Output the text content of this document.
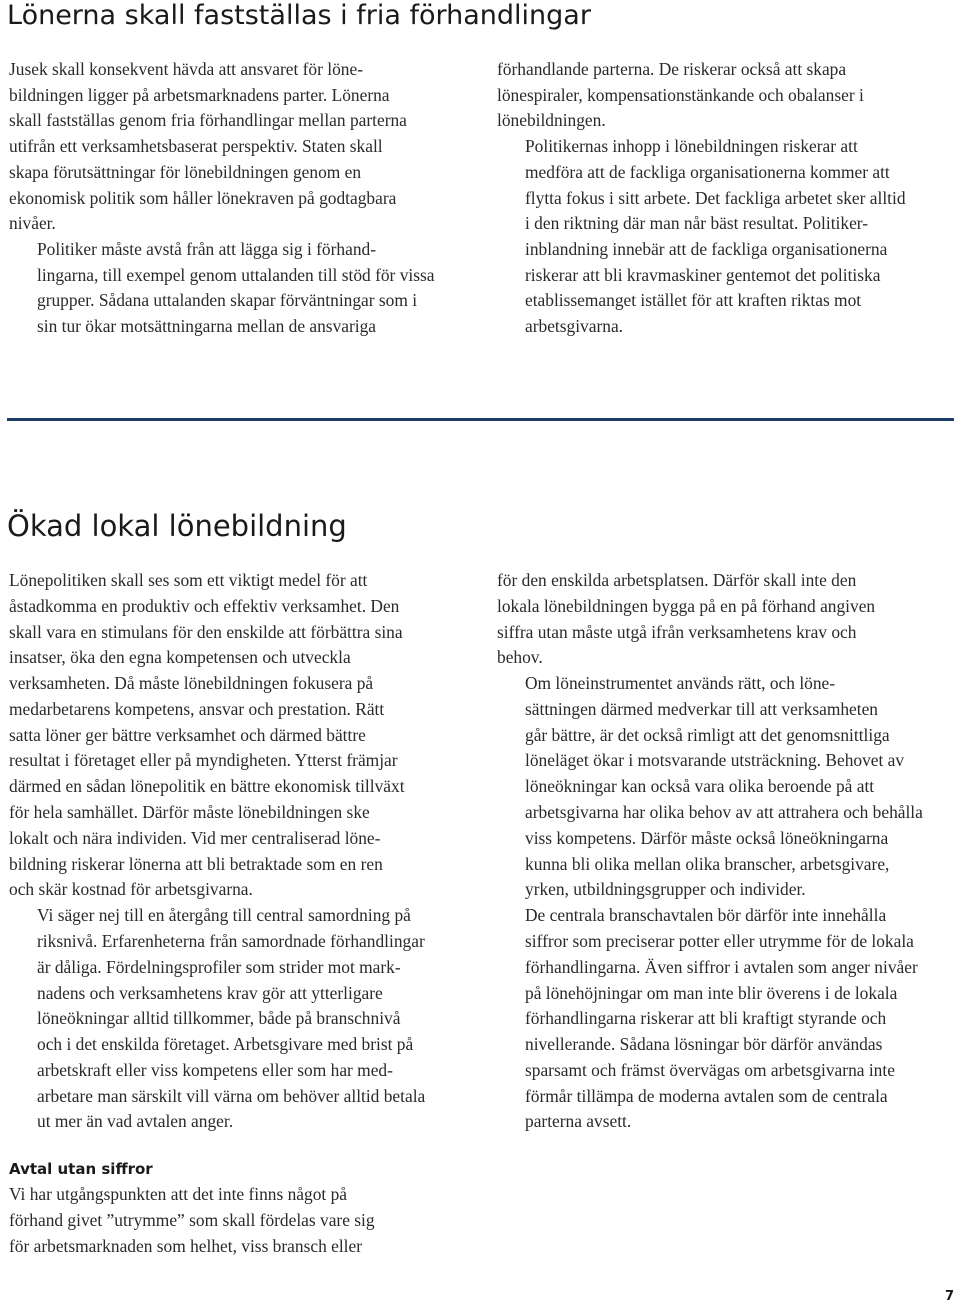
Lönerna skall fastställas i fria förhandlingar

Jusek skall konsekvent hävda att ansvaret för löne-
bildningen ligger på arbetsmarknadens parter. Lönerna
skall fastställas genom fria förhandlingar mellan parterna
utifrån ett verksamhetsbaserat perspektiv. Staten skall
skapa förutsättningar för lönebildningen genom en
ekonomisk politik som håller lönekraven på godtagbara
nivåer.

Politiker måste avstå från att lägga sig i förhand-
lingarna, till exempel genom uttalanden till stöd för vissa
grupper. Sådana uttalanden skapar förväntningar som i
sin tur ökar motsättningarna mellan de ansvariga

förhandlande parterna. De riskerar också att skapa
lönespiraler, kompensationstänkande och obalanser i
lönebildningen.

Politikernas inhopp i lönebildningen riskerar att
medföra att de fackliga organisationerna kommer att
flytta fokus i sitt arbete. Det fackliga arbetet sker alltid
i den riktning där man når bäst resultat. Politiker-
inblandning innebär att de fackliga organisationerna
riskerar att bli kravmaskiner gentemot det politiska
etablissemanget istället för att kraften riktas mot
arbetsgivarna.

Ökad lokal lönebildning

Lönepolitiken skall ses som ett viktigt medel för att
åstadkomma en produktiv och effektiv verksamhet. Den
skall vara en stimulans för den enskilde att förbättra sina
insatser, öka den egna kompetensen och utveckla
verksamheten. Då måste lönebildningen fokusera på
medarbetarens kompetens, ansvar och prestation. Rätt
satta löner ger bättre verksamhet och därmed bättre
resultat i företaget eller på myndigheten. Ytterst främjar
därmed en sådan lönepolitik en bättre ekonomisk tillväxt
för hela samhället. Därför måste lönebildningen ske
lokalt och nära individen. Vid mer centraliserad löne-
bildning riskerar lönerna att bli betraktade som en ren
och skär kostnad för arbetsgivarna.

Vi säger nej till en återgång till central samordning på
riksnivå. Erfarenheterna från samordnade förhandlingar
är dåliga. Fördelningsprofiler som strider mot mark-
nadens och verksamhetens krav gör att ytterligare
löneökningar alltid tillkommer, både på branschnivå
och i det enskilda företaget. Arbetsgivare med brist på
arbetskraft eller viss kompetens eller som har med-
arbetare man särskilt vill värna om behöver alltid betala
ut mer än vad avtalen anger.

för den enskilda arbetsplatsen. Därför skall inte den
lokala lönebildningen bygga på en på förhand angiven
siffra utan måste utgå ifrån verksamhetens krav och
behov.

Om löneinstrumentet används rätt, och löne-
sättningen därmed medverkar till att verksamheten
går bättre, är det också rimligt att det genomsnittliga
löneläget ökar i motsvarande utsträckning. Behovet av
löneökningar kan också vara olika beroende på att
arbetsgivarna har olika behov av att attrahera och behålla
viss kompetens. Därför måste också löneökningarna
kunna bli olika mellan olika branscher, arbetsgivare,
yrken, utbildningsgrupper och individer.

De centrala branschavtalen bör därför inte innehålla
siffror som preciserar potter eller utrymme för de lokala
förhandlingarna. Även siffror i avtalen som anger nivåer
på lönehöjningar om man inte blir överens i de lokala
förhandlingarna riskerar att bli kraftigt styrande och
nivellerande. Sådana lösningar bör därför användas
sparsamt och främst övervägas om arbetsgivarna inte
förmår tillämpa de moderna avtalen som de centrala
parterna avsett.

Avtal utan siffror

Vi har utgångspunkten att det inte finns något på
förhand givet ”utrymme” som skall fördelas vare sig
för arbetsmarknaden som helhet, viss bransch eller

7
